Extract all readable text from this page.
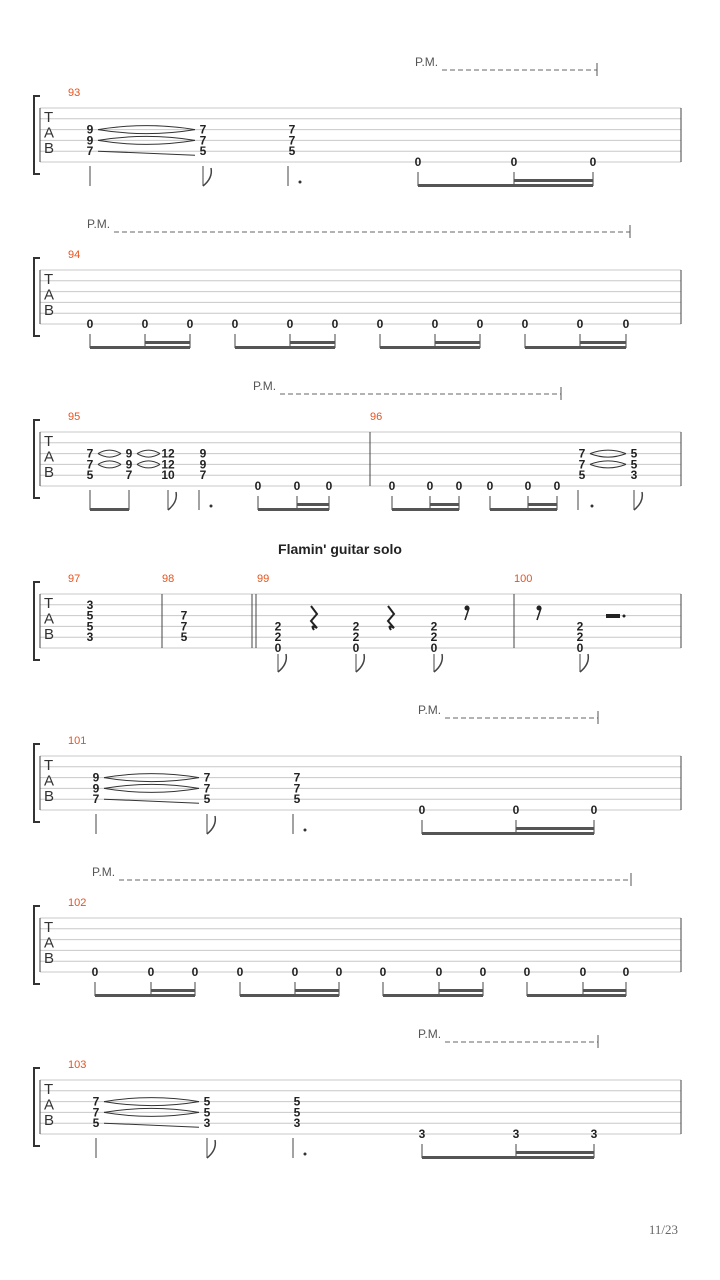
T
A
B
93
P.M.
9
9
7
7
7
5
7
7
5
0	0	0
T
A
B
94
P.M.
0	0	0	0	0	0	0	0	0	0	0	0
T
A
B
95	96
P.M.
7
7
5
9
9
7
12
12
10
9
9
7
0	0 0	0	0 0 0	0 0
7
7
5
5
5
3
T
A
B
97	98	99	100
Flamin' guitar solo
3
5
5
3
7
7
5
2
2
0
2
2
0
2
2
0
2
2
0
T
A
B
101
P.M.
9
9
7
7
7
5
7
7
5
0	0	0
T
A
B
102
P.M.
0	0	0	0	0	0	0	0	0	0	0	0
T
A
B
103
P.M.
7
7
5
5
5
3
5
5
3
3	3	3
11/23
